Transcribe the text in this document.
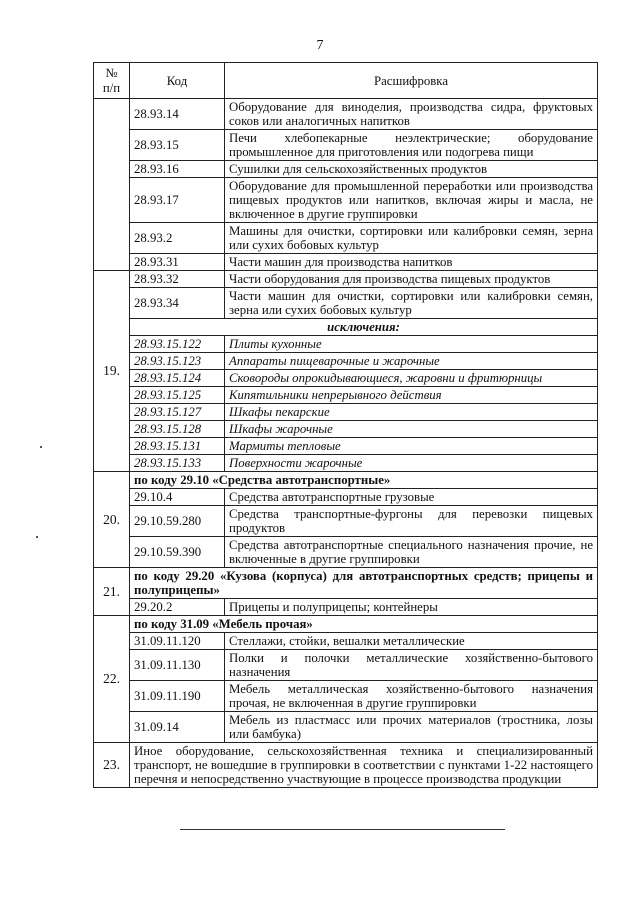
7
№
п/п	Код	Расшифровка
	28.93.14	Оборудование для виноделия, производства сидра, фруктовых соков или аналогичных напитков
	28.93.15	Печи хлебопекарные неэлектрические; оборудование промышленное для приготовления или подогрева пищи
	28.93.16	Сушилки для сельскохозяйственных продуктов
	28.93.17	Оборудование для промышленной переработки или производства пищевых продуктов или напитков, включая жиры и масла, не включенное в другие группировки
	28.93.2	Машины для очистки, сортировки или калибровки семян, зерна или сухих бобовых культур
	28.93.31	Части машин для производства напитков
19.	28.93.32	Части оборудования для производства пищевых продуктов
	28.93.34	Части машин для очистки, сортировки или калибровки семян, зерна или сухих бобовых культур
	исключения:	
	28.93.15.122	Плиты кухонные
	28.93.15.123	Аппараты пищеварочные и жарочные
	28.93.15.124	Сковороды опрокидывающиеся, жаровни и фритюрницы
	28.93.15.125	Кипятильники непрерывного действия
	28.93.15.127	Шкафы пекарские
	28.93.15.128	Шкафы жарочные
	28.93.15.131	Мармиты тепловые
	28.93.15.133	Поверхности жарочные
20.	по коду 29.10 «Средства автотранспортные»	
	29.10.4	Средства автотранспортные грузовые
	29.10.59.280	Средства транспортные-фургоны для перевозки пищевых продуктов
	29.10.59.390	Средства автотранспортные специального назначения прочие, не включенные в другие группировки
21.	по коду 29.20 «Кузова (корпуса) для автотранспортных средств; прицепы и полуприцепы»	
	29.20.2	Прицепы и полуприцепы; контейнеры
22.	по коду 31.09 «Мебель прочая»	
	31.09.11.120	Стеллажи, стойки, вешалки металлические
	31.09.11.130	Полки и полочки металлические хозяйственно-бытового назначения
	31.09.11.190	Мебель металлическая хозяйственно-бытового назначения прочая, не включенная в другие группировки
	31.09.14	Мебель из пластмасс или прочих материалов (тростника, лозы или бамбука)
23.	Иное оборудование, сельскохозяйственная техника и специализированный транспорт, не вошедшие в группировки в соответствии с пунктами 1-22 настоящего перечня и непосредственно участвующие в процессе производства продукции	
